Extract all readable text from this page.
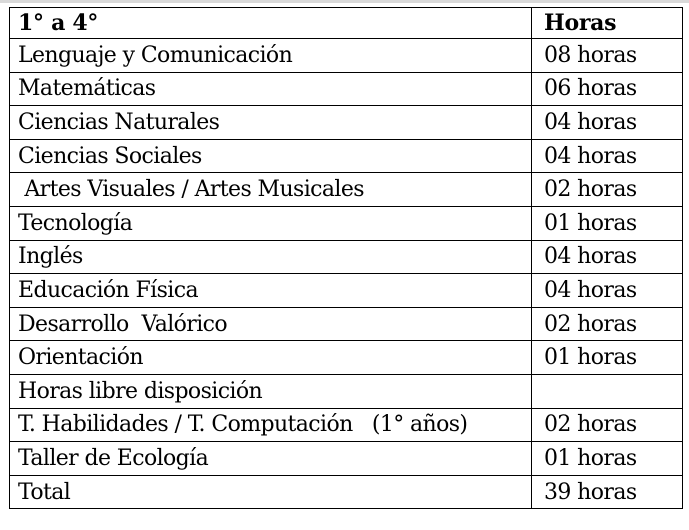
1° a 4°	Horas
Lenguaje y Comunicación	08 horas
Matemáticas	06 horas
Ciencias Naturales	04 horas
Ciencias Sociales	04 horas
Artes Visuales / Artes Musicales	02 horas
Tecnología	01 horas
Inglés	04 horas
Educación Física	04 horas
Desarrollo  Valórico	02 horas
Orientación	01 horas
Horas libre disposición	
T. Habilidades / T. Computación   (1° años)	02 horas
Taller de Ecología	01 horas
Total	39 horas
